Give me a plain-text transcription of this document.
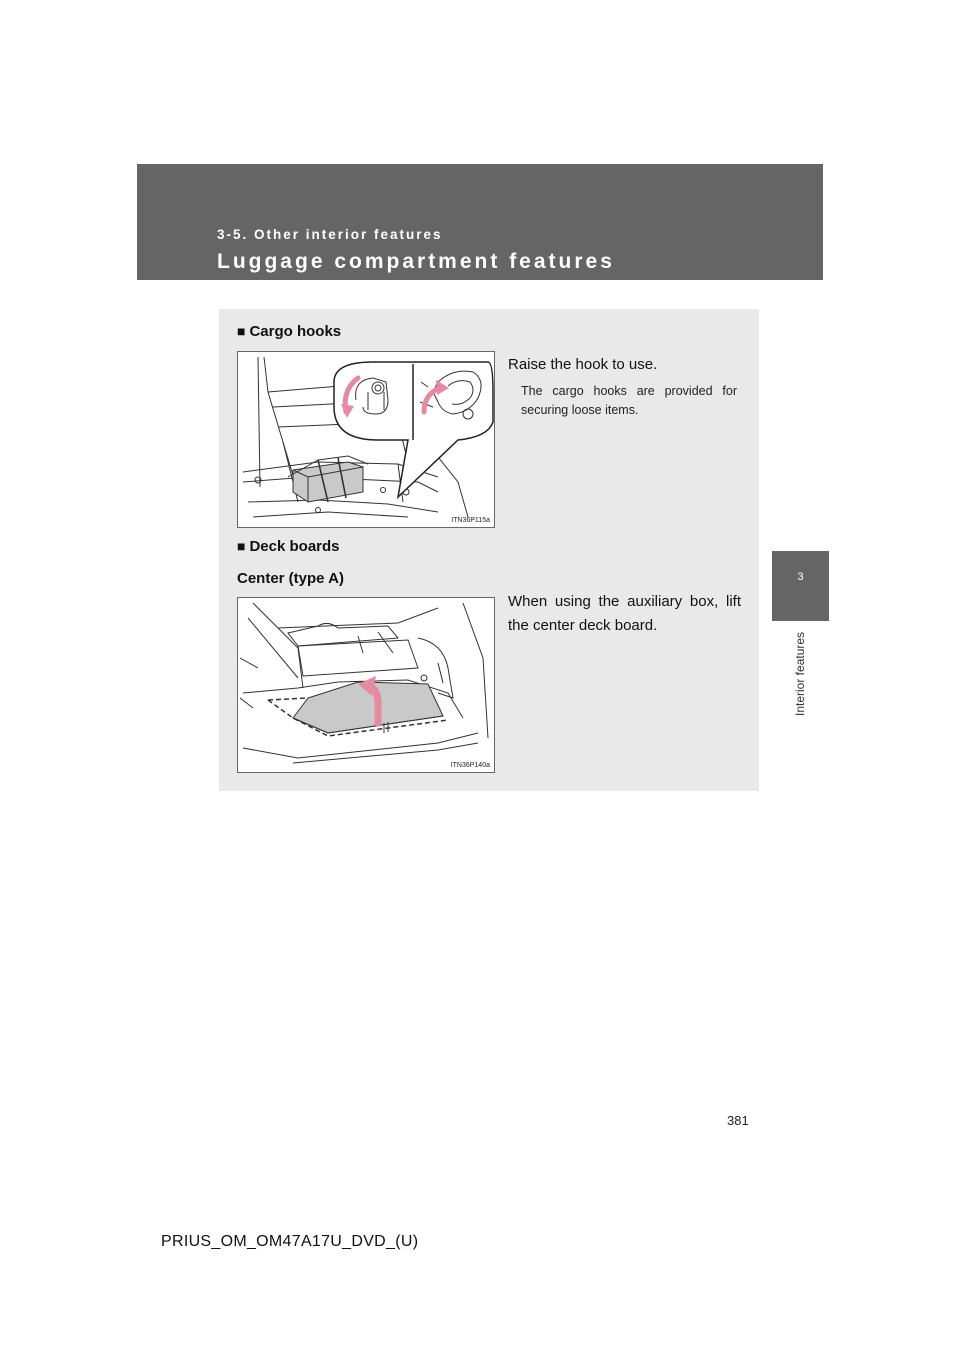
3-5. Other interior features
Luggage compartment features
3
Interior features
■ Cargo hooks
ITN36P115a
Raise the hook to use.
The cargo hooks are provided for securing loose items.
■ Deck boards
Center (type A)
ITN36P140a
When using the auxiliary box, lift the center deck board.
381
PRIUS_OM_OM47A17U_DVD_(U)
